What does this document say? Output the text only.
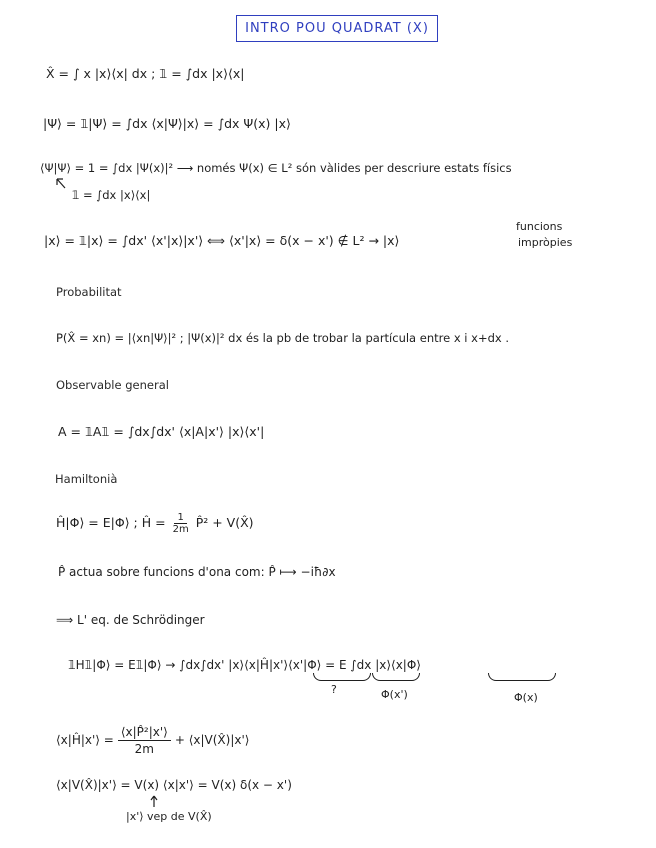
INTRO POU QUADRAT (X)
X̂ = ∫ x |x⟩⟨x| dx ; 𝟙 = ∫dx |x⟩⟨x|
|Ψ⟩ = 𝟙|Ψ⟩ = ∫dx ⟨x|Ψ⟩|x⟩ = ∫dx Ψ(x) |x⟩
⟨Ψ|Ψ⟩ = 1 = ∫dx |Ψ(x)|² ⟶ només Ψ(x) ∈ L² són vàlides per descriure estats físics
𝟙 = ∫dx |x⟩⟨x|
|x⟩ = 𝟙|x⟩ = ∫dx' ⟨x'|x⟩|x'⟩ ⟺ ⟨x'|x⟩ = δ(x − x') ∉ L² → |x⟩
funcions
impròpies
Probabilitat
P(X̂ = xn) = |⟨xn|Ψ⟩|² ; |Ψ(x)|² dx és la pb de trobar la partícula entre x i x+dx .
Observable general
A = 𝟙A𝟙 = ∫dx∫dx' ⟨x|A|x'⟩ |x⟩⟨x'|
Hamiltonià
Ĥ|Φ⟩ = E|Φ⟩ ; Ĥ = $\frac{1}{2m}$ P̂² + V(X̂)
P̂ actua sobre funcions d'ona com: P̂ ⟼ −iħ∂x
⟹ L' eq. de Schrödinger
𝟙H𝟙|Φ⟩ = E𝟙|Φ⟩ → ∫dx∫dx' |x⟩⟨x|Ĥ|x'⟩⟨x'|Φ⟩ = E ∫dx |x⟩⟨x|Φ⟩
?	Φ(x')	Φ(x)
⟨x|Ĥ|x'⟩ = $\frac{\text{⟨x|P̂²|x'⟩}}{2m}$ + ⟨x|V(X̂)|x'⟩
⟨x|V(X̂)|x'⟩ = V(x) ⟨x|x'⟩ = V(x) δ(x − x')
|x'⟩ vep de V(X̂)
